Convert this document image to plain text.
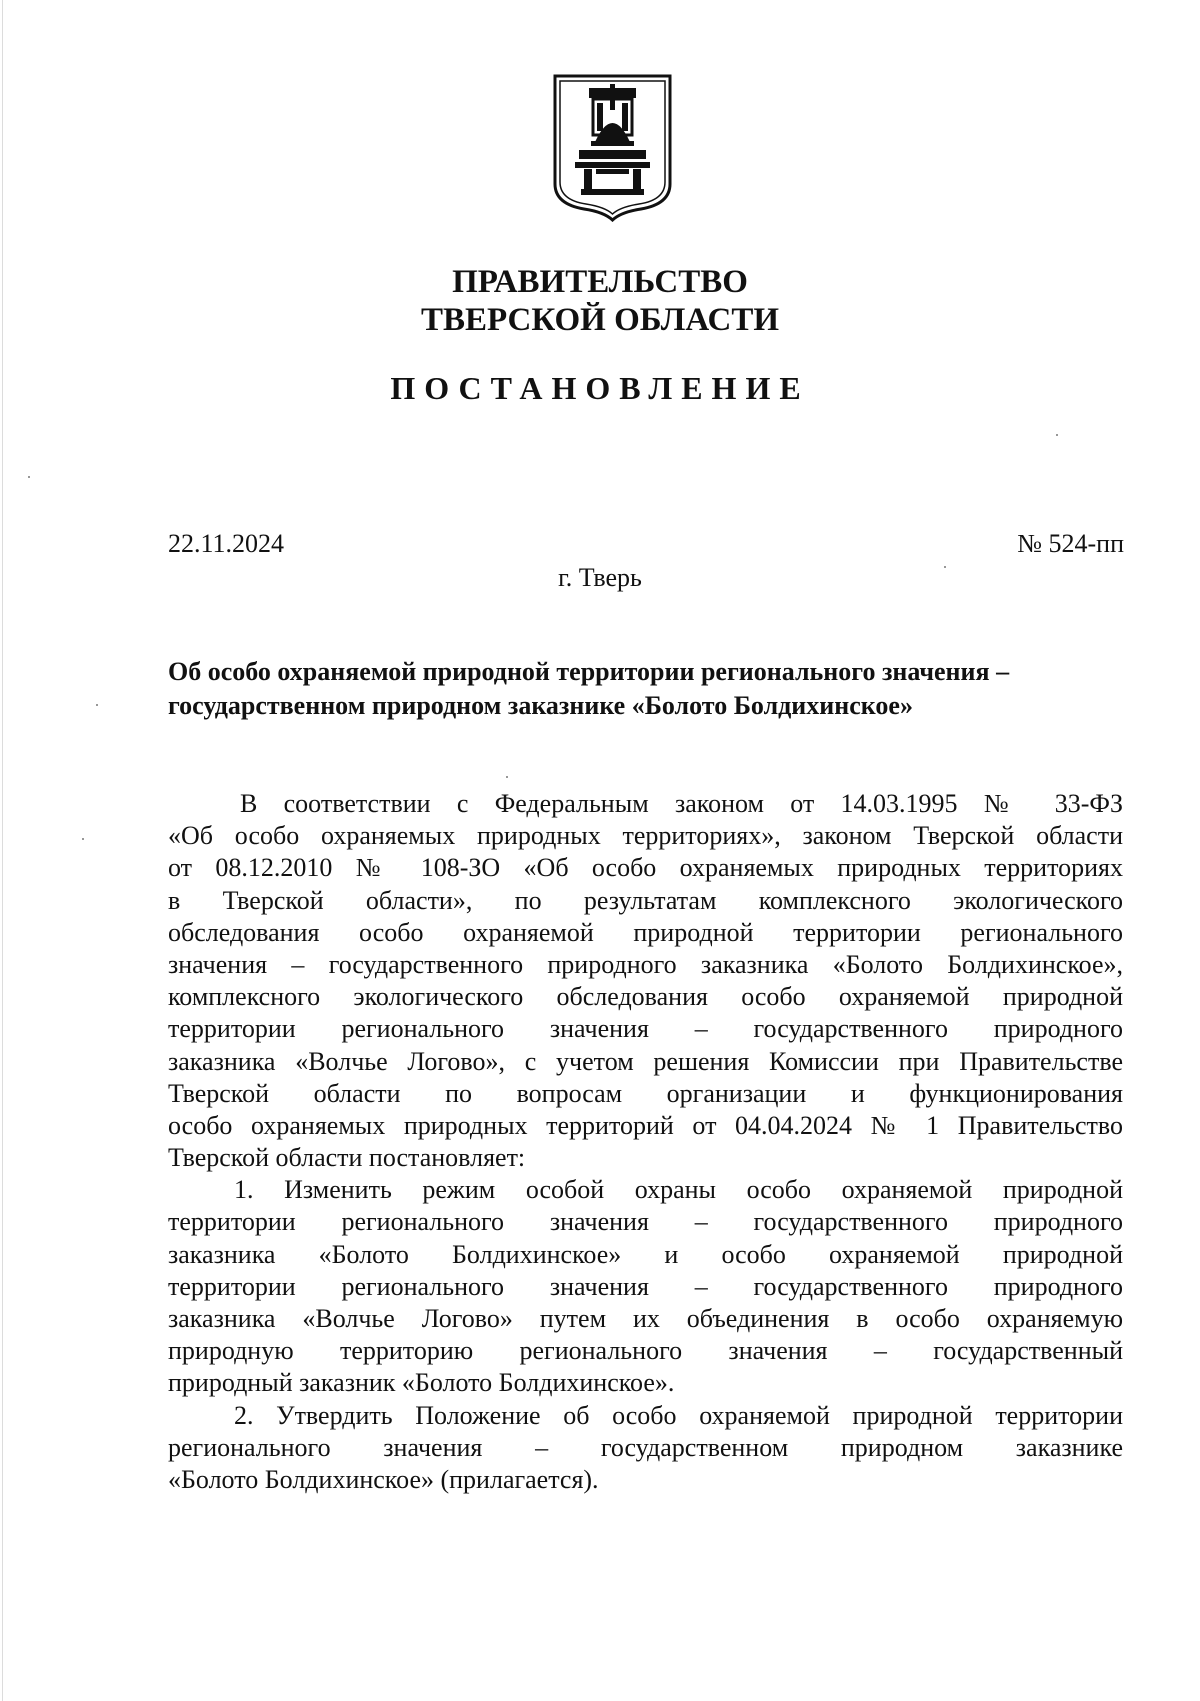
ПРАВИТЕЛЬСТВО
ТВЕРСКОЙ ОБЛАСТИ
ПОСТАНОВЛЕНИЕ
22.11.2024	№ 524-пп
г. Тверь
Об особо охраняемой природной территории регионального значения –
государственном природном заказнике «Болото Болдихинское»
В соответствии с Федеральным законом от 14.03.1995 № 33-ФЗ
«Об особо охраняемых природных территориях», законом Тверской области
от 08.12.2010 № 108-ЗО «Об особо охраняемых природных территориях
в Тверской области», по результатам комплексного экологического
обследования особо охраняемой природной территории регионального
значения – государственного природного заказника «Болото Болдихинское»,
комплексного экологического обследования особо охраняемой природной
территории регионального значения – государственного природного
заказника «Волчье Логово», с учетом решения Комиссии при Правительстве
Тверской области по вопросам организации и функционирования
особо охраняемых природных территорий от 04.04.2024 № 1 Правительство
Тверской области постановляет:
1. Изменить режим особой охраны особо охраняемой природной
территории регионального значения – государственного природного
заказника «Болото Болдихинское» и особо охраняемой природной
территории регионального значения – государственного природного
заказника «Волчье Логово» путем их объединения в особо охраняемую
природную территорию регионального значения – государственный
природный заказник «Болото Болдихинское».
2. Утвердить Положение об особо охраняемой природной территории
регионального значения – государственном природном заказнике
«Болото Болдихинское» (прилагается).
